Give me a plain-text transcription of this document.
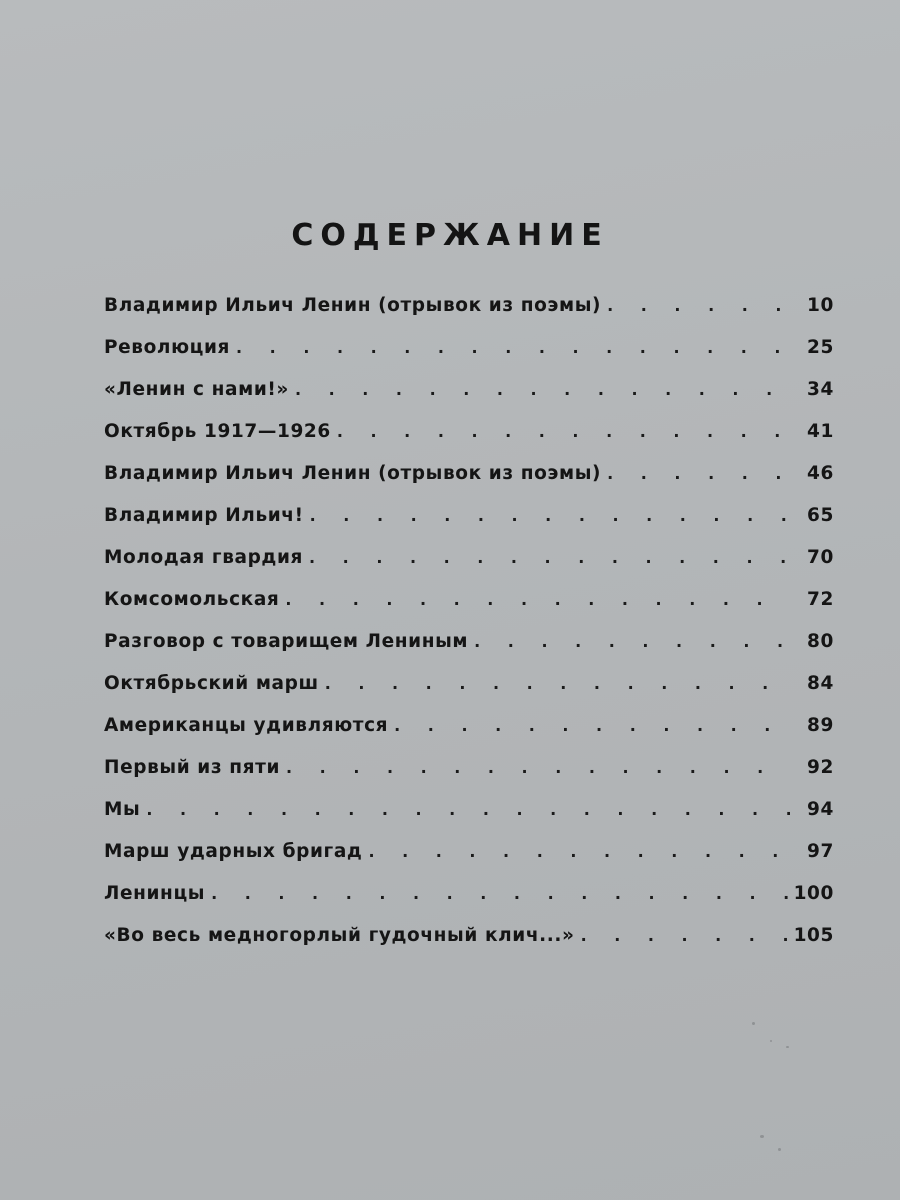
СОДЕРЖАНИЕ
Владимир Ильич Ленин (отрывок из поэмы) . . .	10
Революция . . .	25
«Ленин с нами!» . . .	34
Октябрь 1917—1926 . . .	41
Владимир Ильич Ленин (отрывок из поэмы) . . .	46
Владимир Ильич! . . .	65
Молодая гвардия . . .	70
Комсомольская . . .	72
Разговор с товарищем Лениным . . .	80
Октябрьский марш . . .	84
Американцы удивляются . . .	89
Первый из пяти . . .	92
Мы . . .	94
Марш ударных бригад . . .	97
Ленинцы . . .	100
«Во весь медногорлый гудочный клич...» . . .	105
